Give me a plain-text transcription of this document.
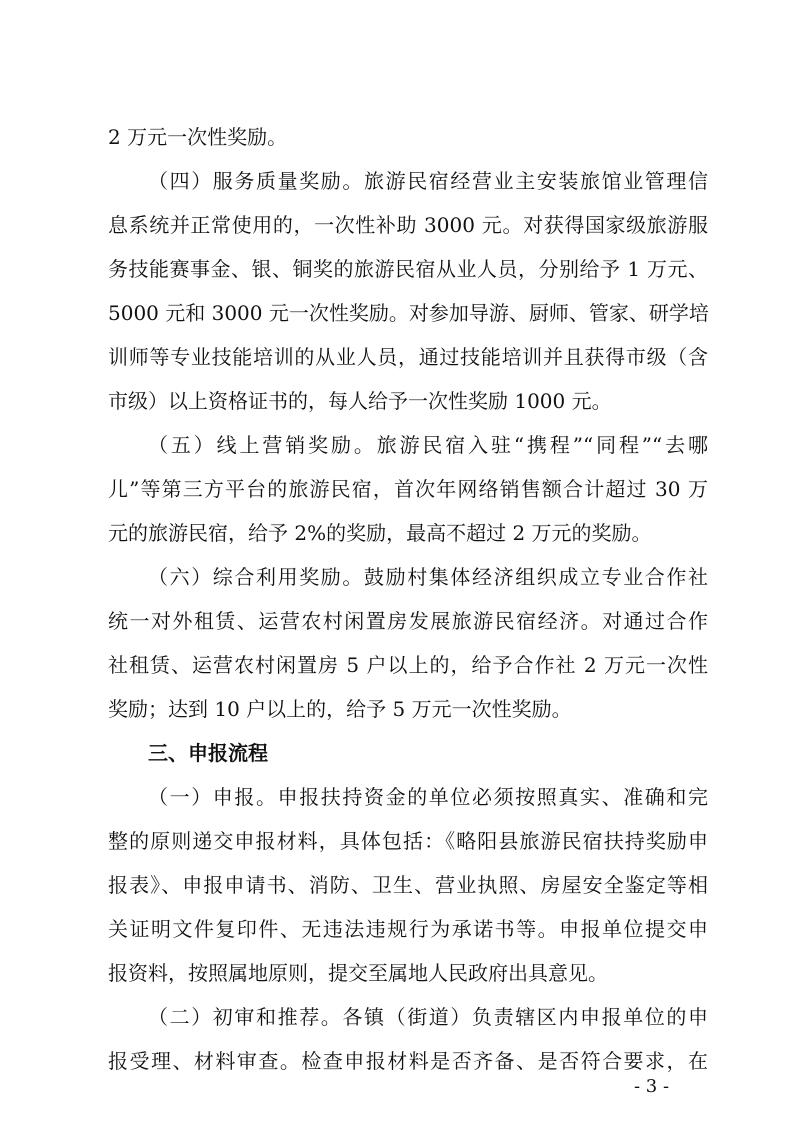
2 万元一次性奖励。
（四）服务质量奖励。旅游民宿经营业主安装旅馆业管理信
息系统并正常使用的，一次性补助 3000 元。对获得国家级旅游服
务技能赛事金、银、铜奖的旅游民宿从业人员，分别给予 1 万元、
5000 元和 3000 元一次性奖励。对参加导游、厨师、管家、研学培
训师等专业技能培训的从业人员，通过技能培训并且获得市级（含
市级）以上资格证书的，每人给予一次性奖励 1000 元。
（五）线上营销奖励。旅游民宿入驻“携程”“同程”“去哪
儿”等第三方平台的旅游民宿，首次年网络销售额合计超过 30 万
元的旅游民宿，给予 2%的奖励，最高不超过 2 万元的奖励。
（六）综合利用奖励。鼓励村集体经济组织成立专业合作社
统一对外租赁、运营农村闲置房发展旅游民宿经济。对通过合作
社租赁、运营农村闲置房 5 户以上的，给予合作社 2 万元一次性
奖励；达到 10 户以上的，给予 5 万元一次性奖励。
三、申报流程
（一）申报。申报扶持资金的单位必须按照真实、准确和完
整的原则递交申报材料，具体包括：《略阳县旅游民宿扶持奖励申
报表》、申报申请书、消防、卫生、营业执照、房屋安全鉴定等相
关证明文件复印件、无违法违规行为承诺书等。申报单位提交申
报资料，按照属地原则，提交至属地人民政府出具意见。
（二）初审和推荐。各镇（街道）负责辖区内申报单位的申
报受理、材料审查。检查申报材料是否齐备、是否符合要求，在
- 3 -
